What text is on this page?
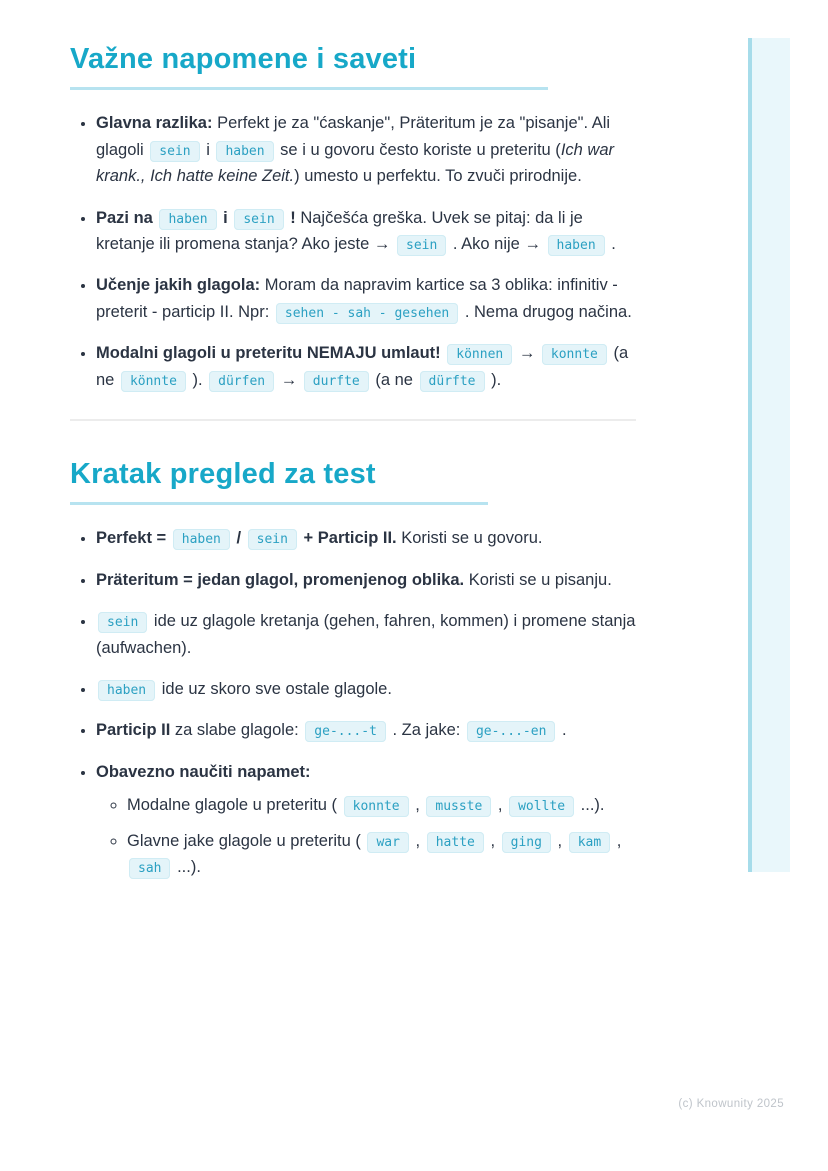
Važne napomene i saveti
• Glavna razlika: Perfekt je za "ćaskanje", Präteritum je za "pisanje". Ali glagoli sein i haben se i u govoru često koriste u preteritu (Ich war krank., Ich hatte keine Zeit.) umesto u perfektu. To zvuči prirodnije.
• Pazi na haben i sein ! Najčešća greška. Uvek se pitaj: da li je kretanje ili promena stanja? Ako jeste → sein . Ako nije → haben .
• Učenje jakih glagola: Moram da napravim kartice sa 3 oblika: infinitiv - preterit - particip II. Npr: sehen - sah - gesehen . Nema drugog načina.
• Modalni glagoli u preteritu NEMAJU umlaut! können → konnte (a ne könnte ). dürfen → durfte (a ne dürfte ).
Kratak pregled za test
• Perfekt = haben / sein + Particip II. Koristi se u govoru.
• Präteritum = jedan glagol, promenjenog oblika. Koristi se u pisanju.
• sein ide uz glagole kretanja (gehen, fahren, kommen) i promene stanja (aufwachen).
• haben ide uz skoro sve ostale glagole.
• Particip II za slabe glagole: ge-...-t . Za jake: ge-...-en .
• Obavezno naučiti napamet:
◦ Modalne glagole u preteritu ( konnte , musste , wollte ...).
◦ Glavne jake glagole u preteritu ( war , hatte , ging , kam , sah ...).
(c) Knowunity 2025
